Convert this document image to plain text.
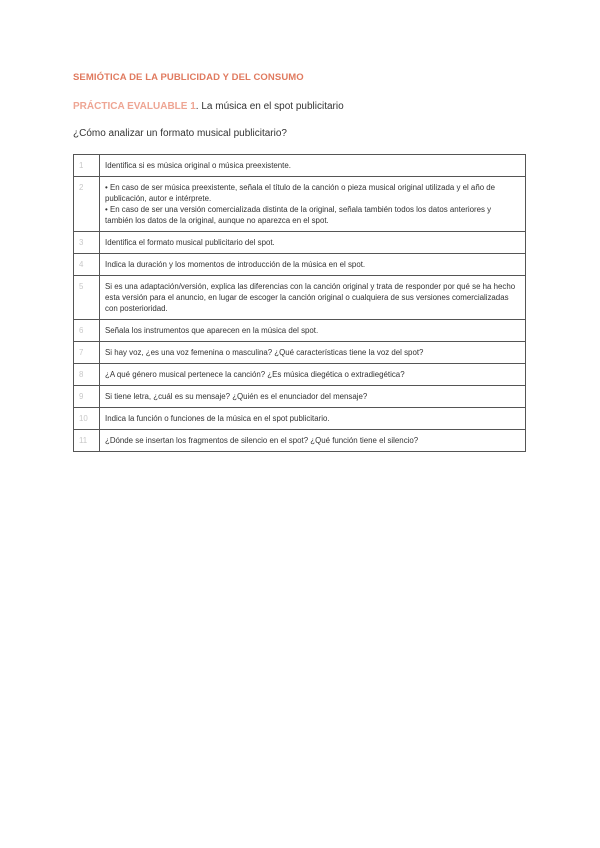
SEMIÓTICA DE LA PUBLICIDAD Y DEL CONSUMO

PRÁCTICA EVALUABLE 1. La música en el spot publicitario
¿Cómo analizar un formato musical publicitario?
1	Identifica si es música original o música preexistente.
2	• En caso de ser música preexistente, señala el título de la canción o pieza musical original utilizada y el año de publicación, autor e intérprete.
• En caso de ser una versión comercializada distinta de la original, señala también todos los datos anteriores y también los datos de la original, aunque no aparezca en el spot.

3	Identifica el formato musical publicitario del spot.
4	Indica la duración y los momentos de introducción de la música en el spot.
5	Si es una adaptación/versión, explica las diferencias con la canción original y trata de responder por qué se ha hecho esta versión para el anuncio, en lugar de escoger la canción original o cualquiera de sus versiones comercializadas con posterioridad.
6	Señala los instrumentos que aparecen en la música del spot.
7	Si hay voz, ¿es una voz femenina o masculina? ¿Qué características tiene la voz del spot?
8	¿A qué género musical pertenece la canción? ¿Es música diegética o extradiegética?
9	Si tiene letra, ¿cuál es su mensaje? ¿Quién es el enunciador del mensaje?
10	Indica la función o funciones de la música en el spot publicitario.
11	¿Dónde se insertan los fragmentos de silencio en el spot? ¿Qué función tiene el silencio?
